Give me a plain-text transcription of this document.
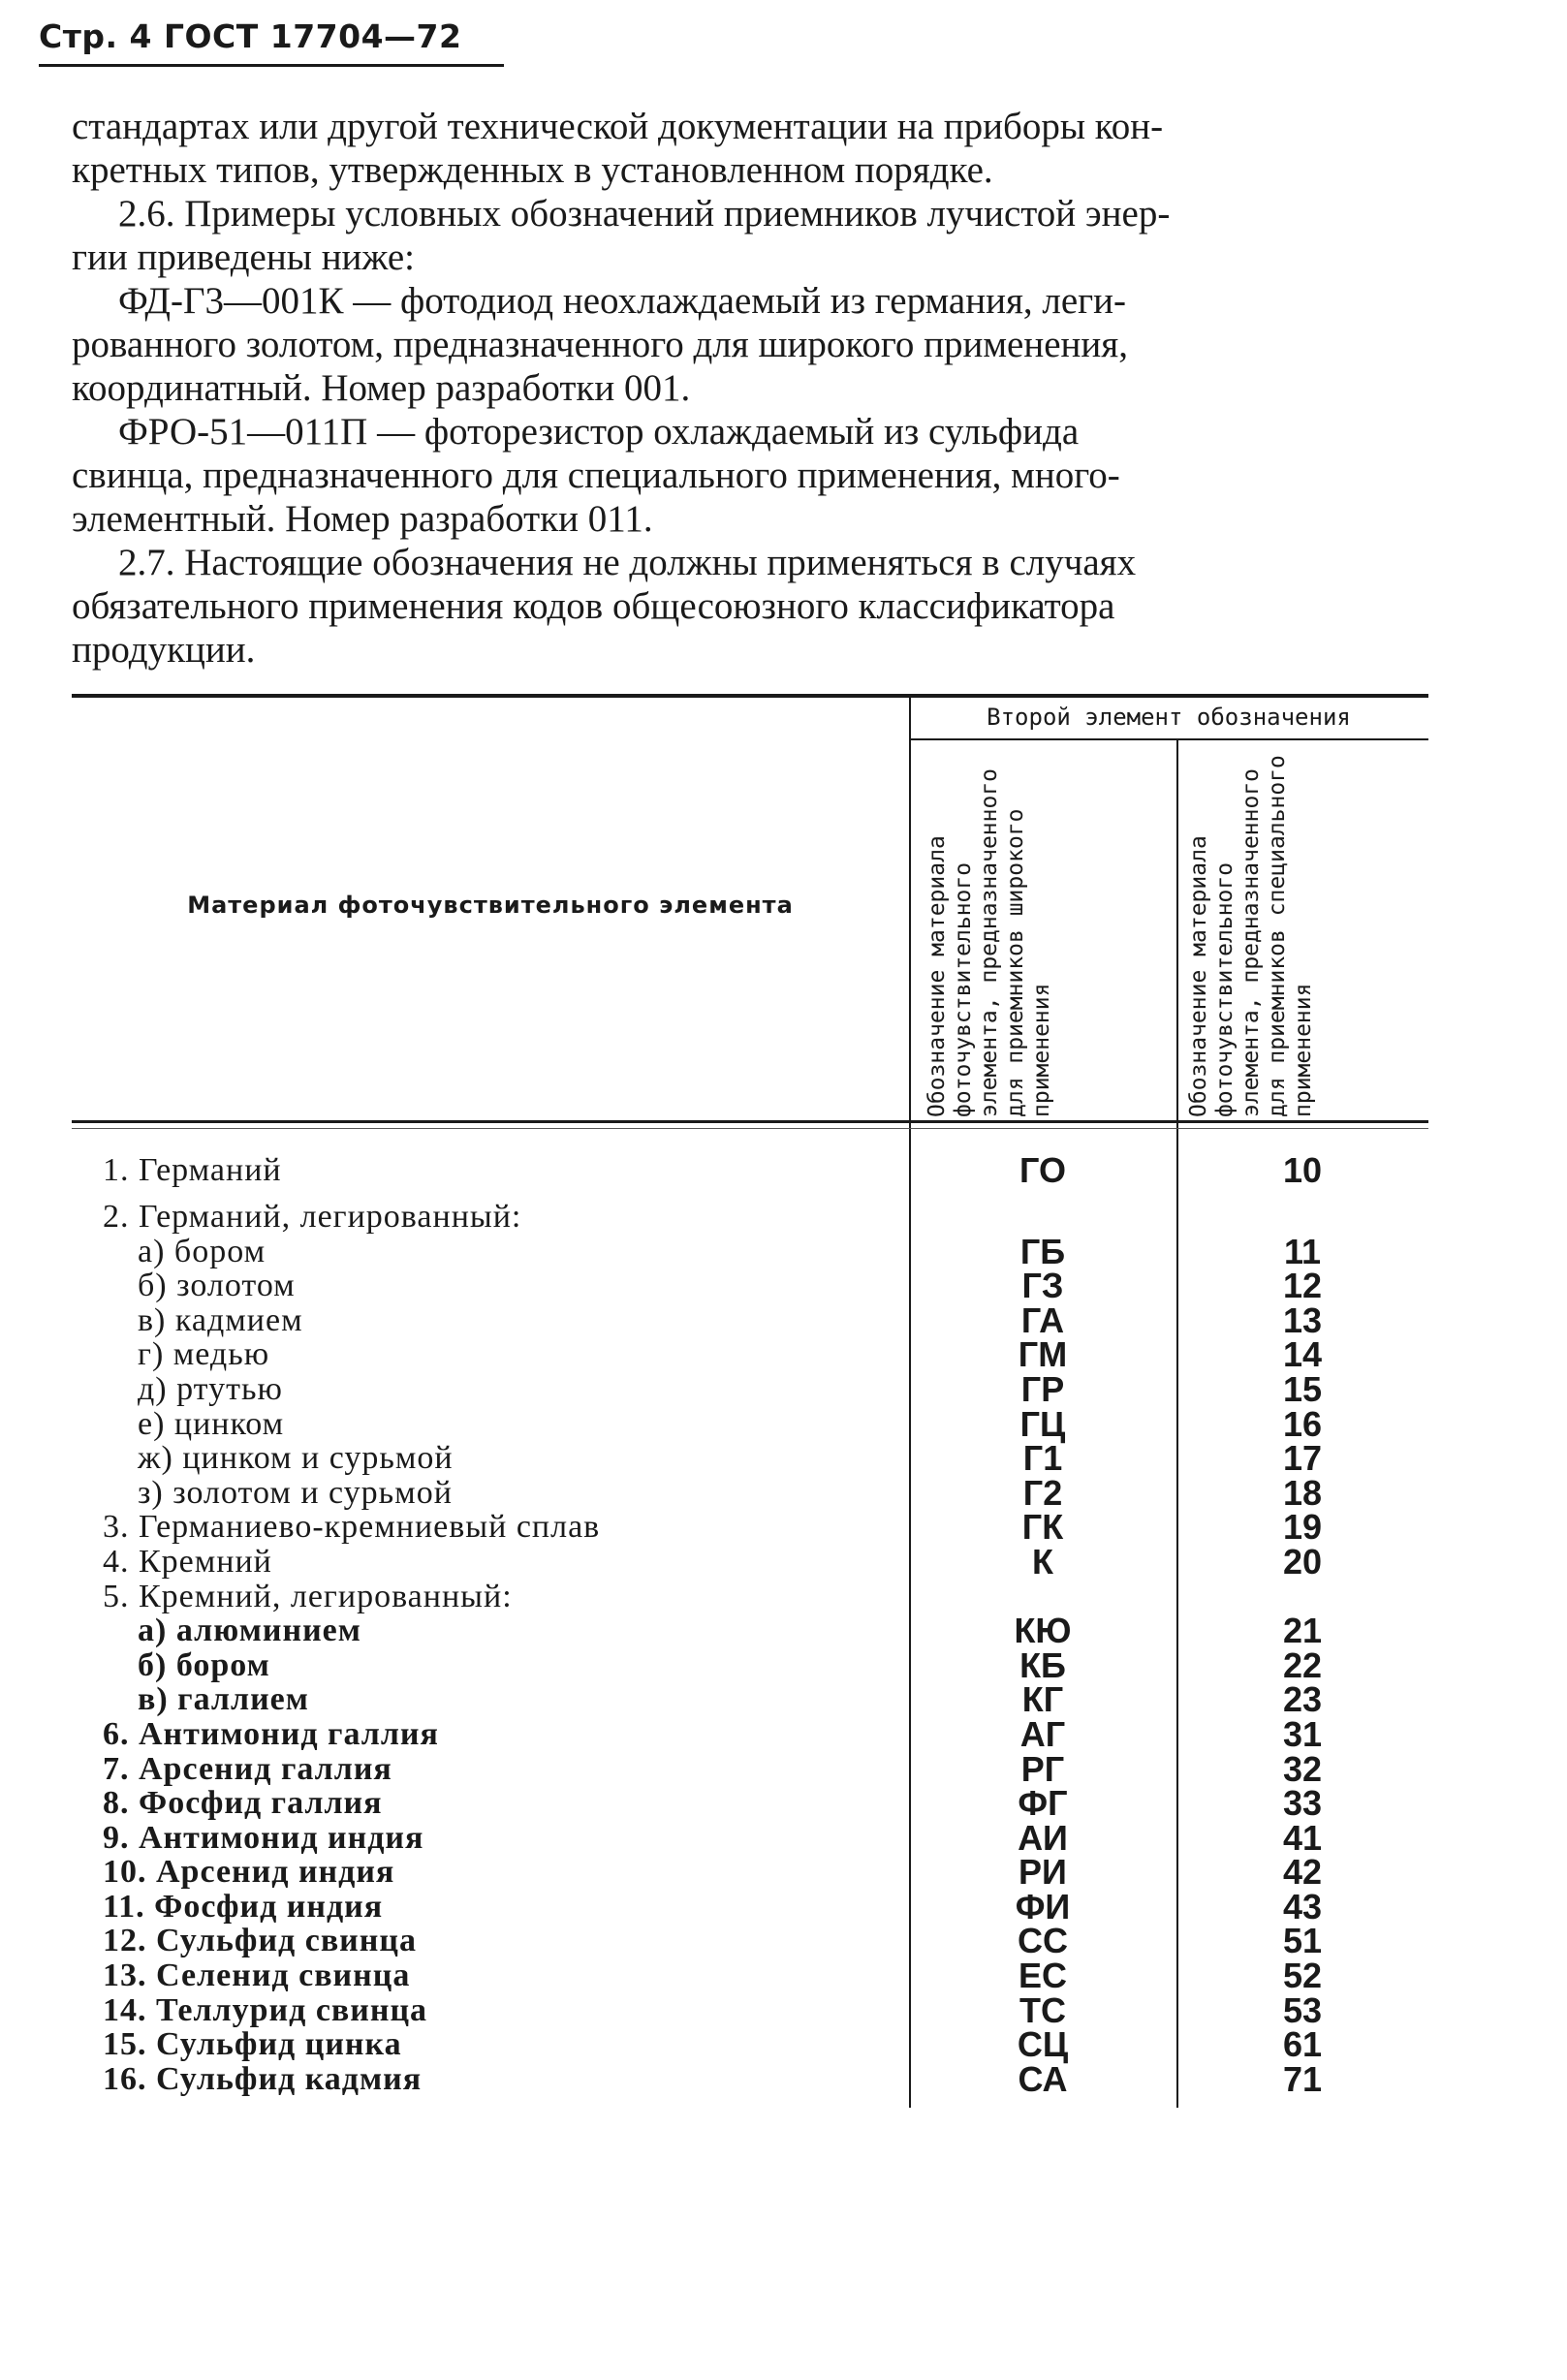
Стр. 4 ГОСТ 17704—72

стандартах или другой технической документации на приборы кон-

кретных типов, утвержденных в установленном порядке.

2.6. Примеры условных обозначений приемников лучистой энер-

гии приведены ниже:

ФД-Г3—001К — фотодиод неохлаждаемый из германия, леги-

рованного золотом, предназначенного для широкого применения,

координатный. Номер разработки 001.

ФРО-51—011П — фоторезистор охлаждаемый из сульфида

свинца, предназначенного для специального применения, много-

элементный. Номер разработки 011.

2.7. Настоящие обозначения не должны применяться в случаях

обязательного применения кодов общесоюзного классификатора

продукции.

Второй элемент обозначения
Материал фоточувствительного элемента	Обозначение материала фоточувствительного элемента, предназначенного для приемников широкого применения	Обозначение материала фоточувствительного элемента, предназначенного для приемников специального применения
1. Германий	ГО	10
2. Германий, легированный:
а) бором	ГБ	11
б) золотом	ГЗ	12
в) кадмием	ГА	13
г) медью	ГМ	14
д) ртутью	ГР	15
е) цинком	ГЦ	16
ж) цинком и сурьмой	Г1	17
з) золотом и сурьмой	Г2	18
3. Германиево-кремниевый сплав	ГК	19
4. Кремний	К	20
5. Кремний, легированный:
а) алюминием	КЮ	21
б) бором	КБ	22
в) галлием	КГ	23
6. Антимонид галлия	АГ	31
7. Арсенид галлия	РГ	32
8. Фосфид галлия	ФГ	33
9. Антимонид индия	АИ	41
10. Арсенид индия	РИ	42
11. Фосфид индия	ФИ	43
12. Сульфид свинца	СС	51
13. Селенид свинца	ЕС	52
14. Теллурид свинца	ТС	53
15. Сульфид цинка	СЦ	61
16. Сульфид кадмия	СА	71
